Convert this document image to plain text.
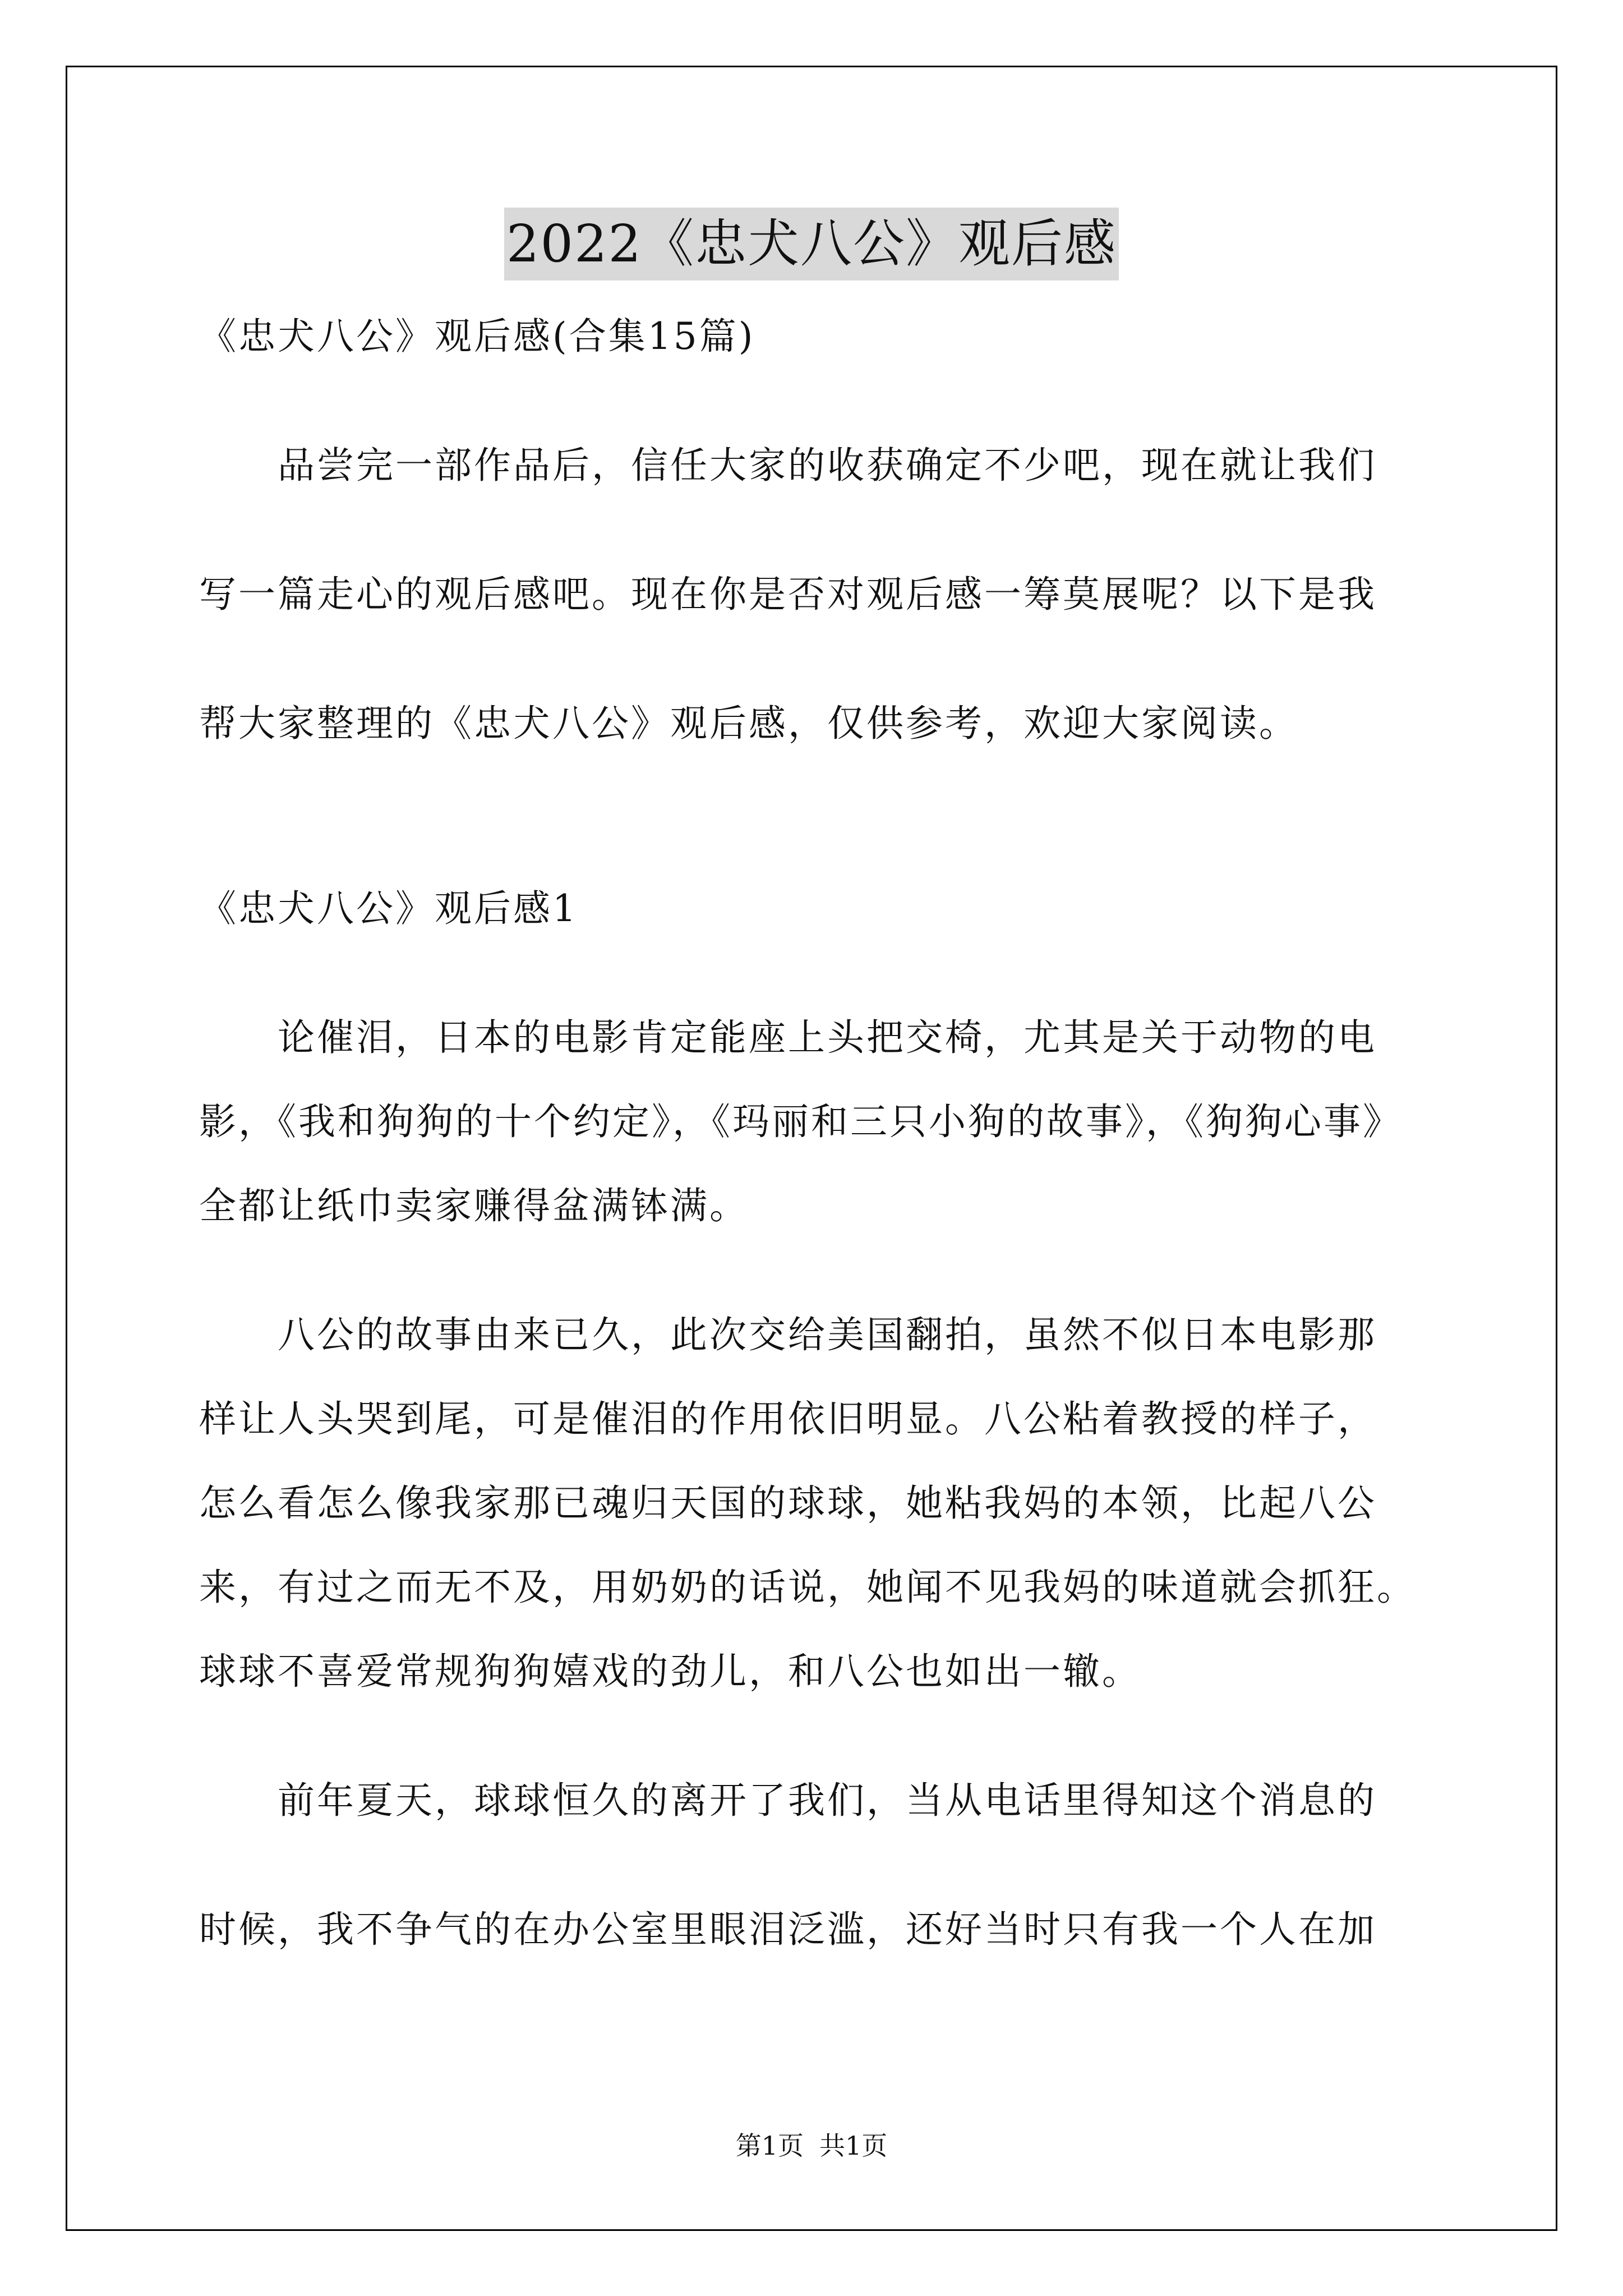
2022《忠犬八公》观后感
《忠犬八公》观后感(合集15篇)
　　品尝完一部作品后，信任大家的收获确定不少吧，现在就让我们
写一篇走心的观后感吧。现在你是否对观后感一筹莫展呢？以下是我
帮大家整理的《忠犬八公》观后感，仅供参考，欢迎大家阅读。
《忠犬八公》观后感1
　　论催泪，日本的电影肯定能座上头把交椅，尤其是关于动物的电
影，《我和狗狗的十个约定》，《玛丽和三只小狗的故事》，《狗狗心事》
全都让纸巾卖家赚得盆满钵满。
　　八公的故事由来已久，此次交给美国翻拍，虽然不似日本电影那
样让人头哭到尾，可是催泪的作用依旧明显。八公粘着教授的样子，
怎么看怎么像我家那已魂归天国的球球，她粘我妈的本领，比起八公
来，有过之而无不及，用奶奶的话说，她闻不见我妈的味道就会抓狂。
球球不喜爱常规狗狗嬉戏的劲儿，和八公也如出一辙。
　　前年夏天，球球恒久的离开了我们，当从电话里得知这个消息的
时候，我不争气的在办公室里眼泪泛滥，还好当时只有我一个人在加
第1页 共1页
